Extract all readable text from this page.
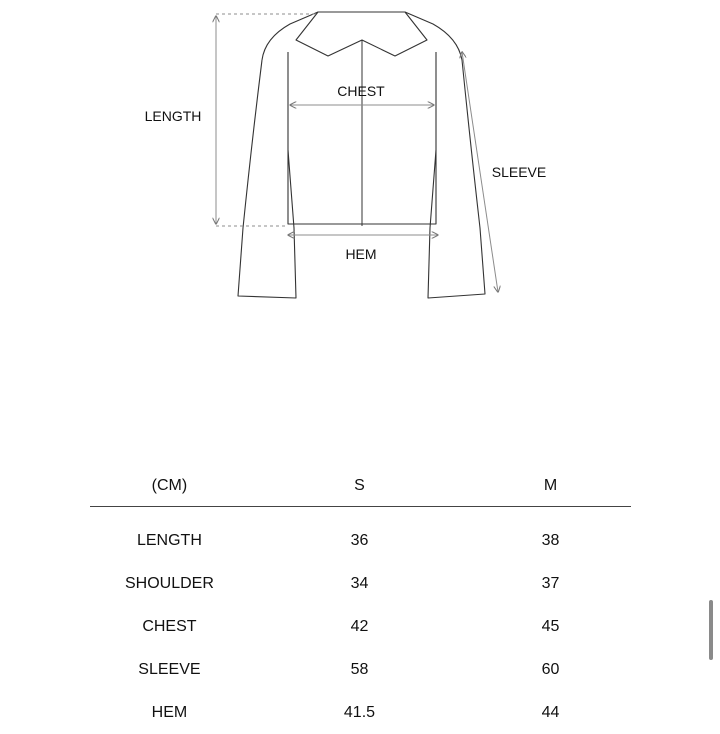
LENGTH
CHEST
SLEEVE
HEM
(CM)	S	M
LENGTH	36	38
SHOULDER	34	37
CHEST	42	45
SLEEVE	58	60
HEM	41.5	44
